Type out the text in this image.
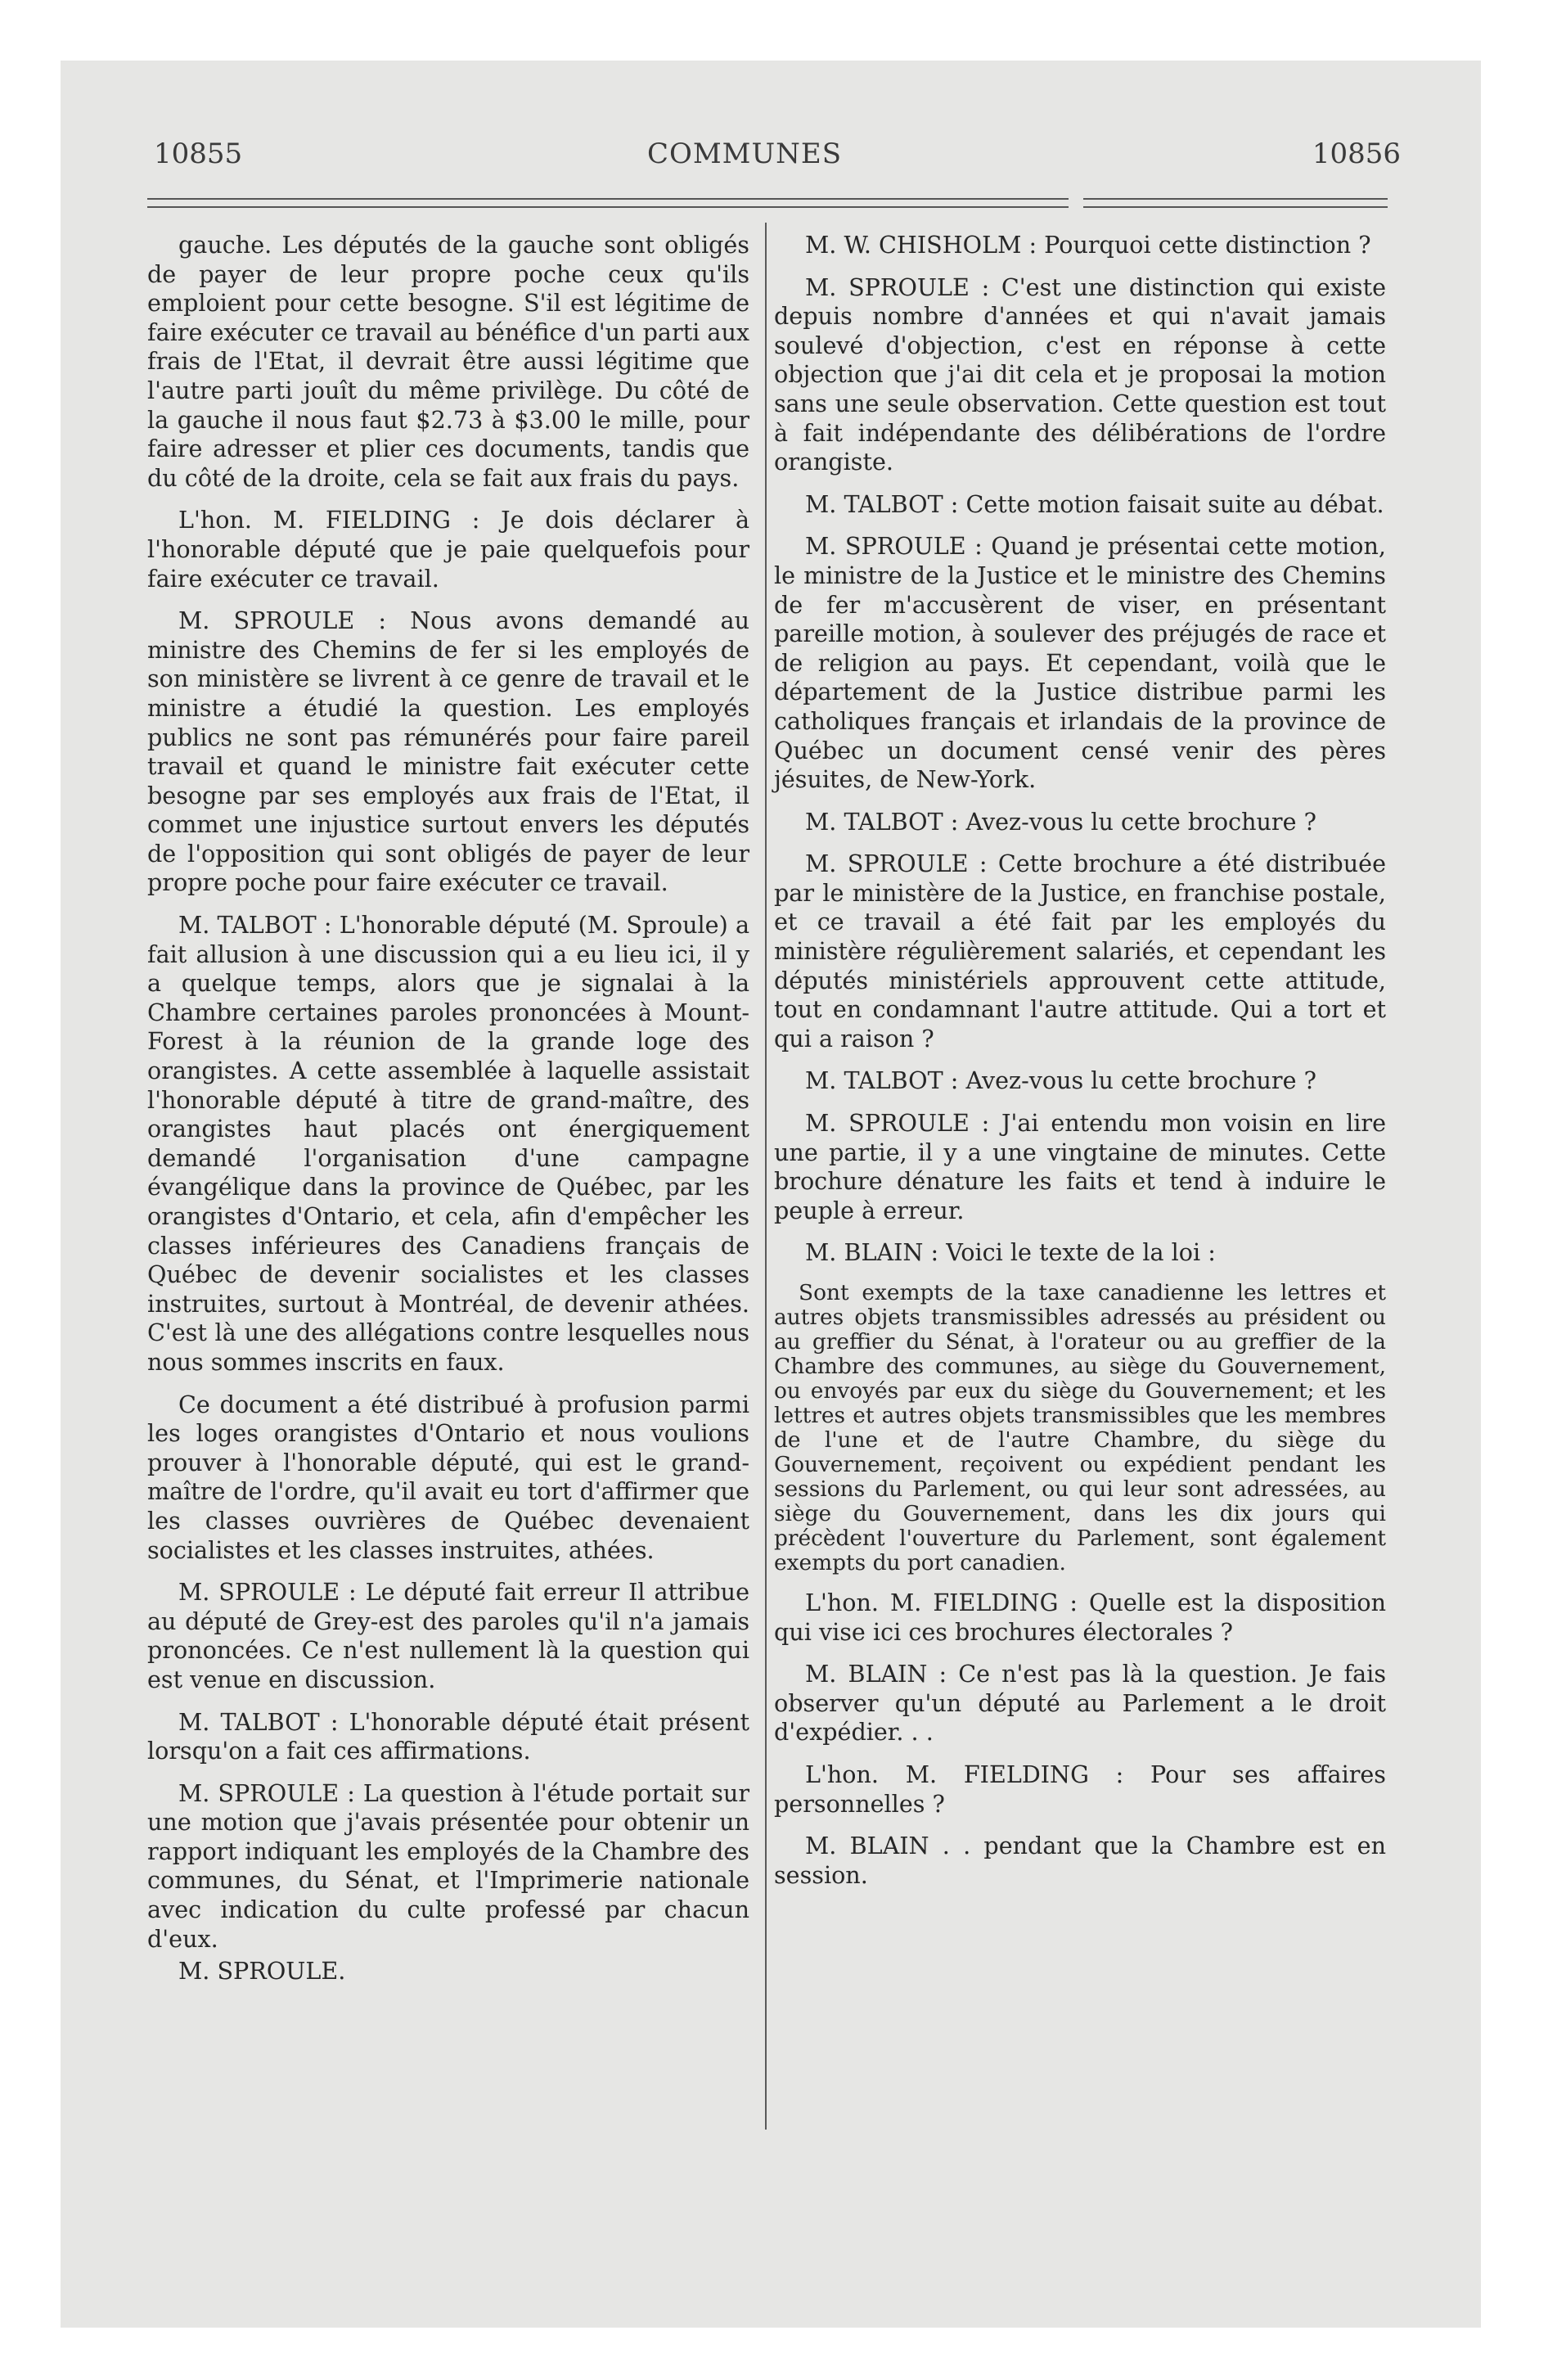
10855	COMMUNES	10856

gauche. Les députés de la gauche sont obligés de payer de leur propre poche ceux qu'ils emploient pour cette besogne. S'il est légitime de faire exécuter ce travail au bénéfice d'un parti aux frais de l'Etat, il devrait être aussi légitime que l'autre parti jouît du même privilège. Du côté de la gauche il nous faut $2.73 à $3.00 le mille, pour faire adresser et plier ces documents, tandis que du côté de la droite, cela se fait aux frais du pays.

L'hon. M. FIELDING : Je dois déclarer à l'honorable député que je paie quelquefois pour faire exécuter ce travail.

M. SPROULE : Nous avons demandé au ministre des Chemins de fer si les employés de son ministère se livrent à ce genre de travail et le ministre a étudié la question. Les employés publics ne sont pas rémunérés pour faire pareil travail et quand le ministre fait exécuter cette besogne par ses employés aux frais de l'Etat, il commet une injustice surtout envers les députés de l'opposition qui sont obligés de payer de leur propre poche pour faire exécuter ce travail.

M. TALBOT : L'honorable député (M. Sproule) a fait allusion à une discussion qui a eu lieu ici, il y a quelque temps, alors que je signalai à la Chambre certaines paroles prononcées à Mount-Forest à la réunion de la grande loge des orangistes. A cette assemblée à laquelle assistait l'honorable député à titre de grand-maître, des orangistes haut placés ont énergiquement demandé l'organisation d'une campagne évangélique dans la province de Québec, par les orangistes d'Ontario, et cela, afin d'empêcher les classes inférieures des Canadiens français de Québec de devenir socialistes et les classes instruites, surtout à Montréal, de devenir athées. C'est là une des allégations contre lesquelles nous nous sommes inscrits en faux.

Ce document a été distribué à profusion parmi les loges orangistes d'Ontario et nous voulions prouver à l'honorable député, qui est le grand-maître de l'ordre, qu'il avait eu tort d'affirmer que les classes ouvrières de Québec devenaient socialistes et les classes instruites, athées.

M. SPROULE : Le député fait erreur Il attribue au député de Grey-est des paroles qu'il n'a jamais prononcées. Ce n'est nullement là la question qui est venue en discussion.

M. TALBOT : L'honorable député était présent lorsqu'on a fait ces affirmations.

M. SPROULE : La question à l'étude portait sur une motion que j'avais présentée pour obtenir un rapport indiquant les employés de la Chambre des communes, du Sénat, et l'Imprimerie nationale avec indication du culte professé par chacun d'eux.

M. SPROULE.

M. W. CHISHOLM : Pourquoi cette distinction ?

M. SPROULE : C'est une distinction qui existe depuis nombre d'années et qui n'avait jamais soulevé d'objection, c'est en réponse à cette objection que j'ai dit cela et je proposai la motion sans une seule observation. Cette question est tout à fait indépendante des délibérations de l'ordre orangiste.

M. TALBOT : Cette motion faisait suite au débat.

M. SPROULE : Quand je présentai cette motion, le ministre de la Justice et le ministre des Chemins de fer m'accusèrent de viser, en présentant pareille motion, à soulever des préjugés de race et de religion au pays. Et cependant, voilà que le département de la Justice distribue parmi les catholiques français et irlandais de la province de Québec un document censé venir des pères jésuites, de New-York.

M. TALBOT : Avez-vous lu cette brochure ?

M. SPROULE : Cette brochure a été distribuée par le ministère de la Justice, en franchise postale, et ce travail a été fait par les employés du ministère régulièrement salariés, et cependant les députés ministériels approuvent cette attitude, tout en condamnant l'autre attitude. Qui a tort et qui a raison ?

M. TALBOT : Avez-vous lu cette brochure ?

M. SPROULE : J'ai entendu mon voisin en lire une partie, il y a une vingtaine de minutes. Cette brochure dénature les faits et tend à induire le peuple à erreur.

M. BLAIN : Voici le texte de la loi :

Sont exempts de la taxe canadienne les lettres et autres objets transmissibles adressés au président ou au greffier du Sénat, à l'orateur ou au greffier de la Chambre des communes, au siège du Gouvernement, ou envoyés par eux du siège du Gouvernement; et les lettres et autres objets transmissibles que les membres de l'une et de l'autre Chambre, du siège du Gouvernement, reçoivent ou expédient pendant les sessions du Parlement, ou qui leur sont adressées, au siège du Gouvernement, dans les dix jours qui précèdent l'ouverture du Parlement, sont également exempts du port canadien.

L'hon. M. FIELDING : Quelle est la disposition qui vise ici ces brochures électorales ?

M. BLAIN : Ce n'est pas là la question. Je fais observer qu'un député au Parlement a le droit d'expédier. . .

L'hon. M. FIELDING : Pour ses affaires personnelles ?

M. BLAIN . . pendant que la Chambre est en session.
